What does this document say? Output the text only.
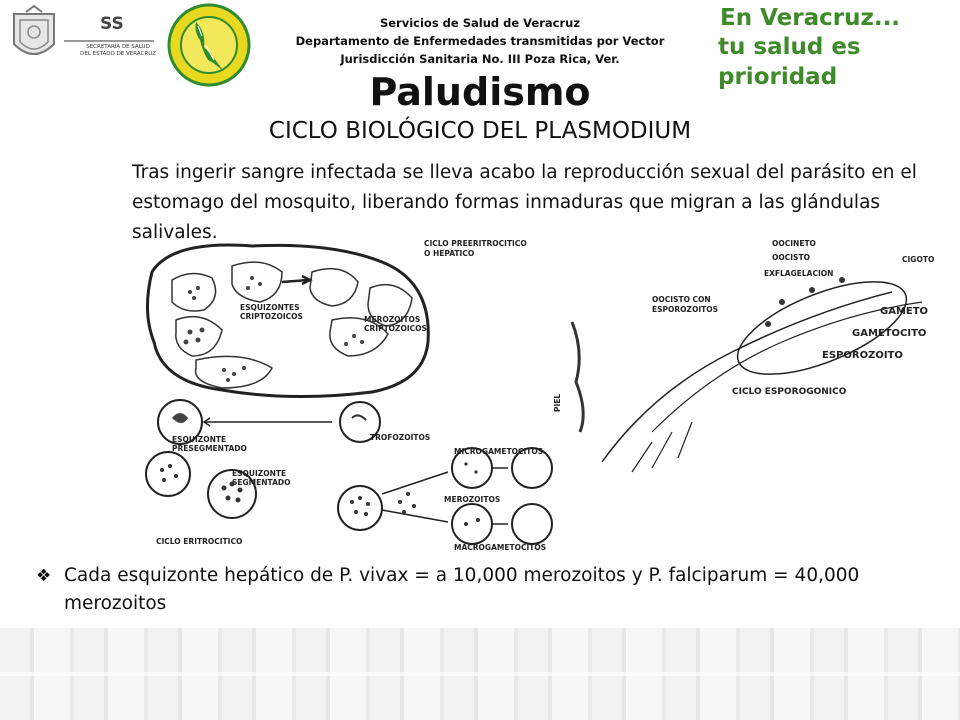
SS
SECRETARÍA DE SALUD
DEL ESTADO DE VERACRUZ
Servicios de Salud de Veracruz
Departamento de Enfermedades transmitidas por Vector
Jurisdicción Sanitaria No. III Poza Rica, Ver.
En Veracruz...
tu salud es prioridad
Paludismo
CICLO BIOLÓGICO DEL PLASMODIUM
Tras ingerir sangre infectada se lleva acabo la reproducción sexual del parásito en el estomago del mosquito, liberando formas inmaduras que migran a las glándulas salivales.
CICLO PREERITROCITICO
O HEPATICO
ESQUIZONTES
CRIPTOZOICOS	MEROZOITOS
CRIPTOZOICOS
TROFOZOITOS
ESQUIZONTE
PRESEGMENTADO
ESQUIZONTE
SEGMENTADO
MEROZOITOS
MICROGAMETOCITOS
MACROGAMETOCITOS
CICLO ERITROCITICO
PIEL
OOCINETO
OOCISTO
EXFLAGELACION
CIGOTO
OOCISTO CON
ESPOROZOITOS	GAMETO
GAMETOCITO
ESPOROZOITO
CICLO ESPOROGONICO
❖ Cada esquizonte hepático de P. vivax = a 10,000 merozoitos y P. falciparum = 40,000 merozoitos
